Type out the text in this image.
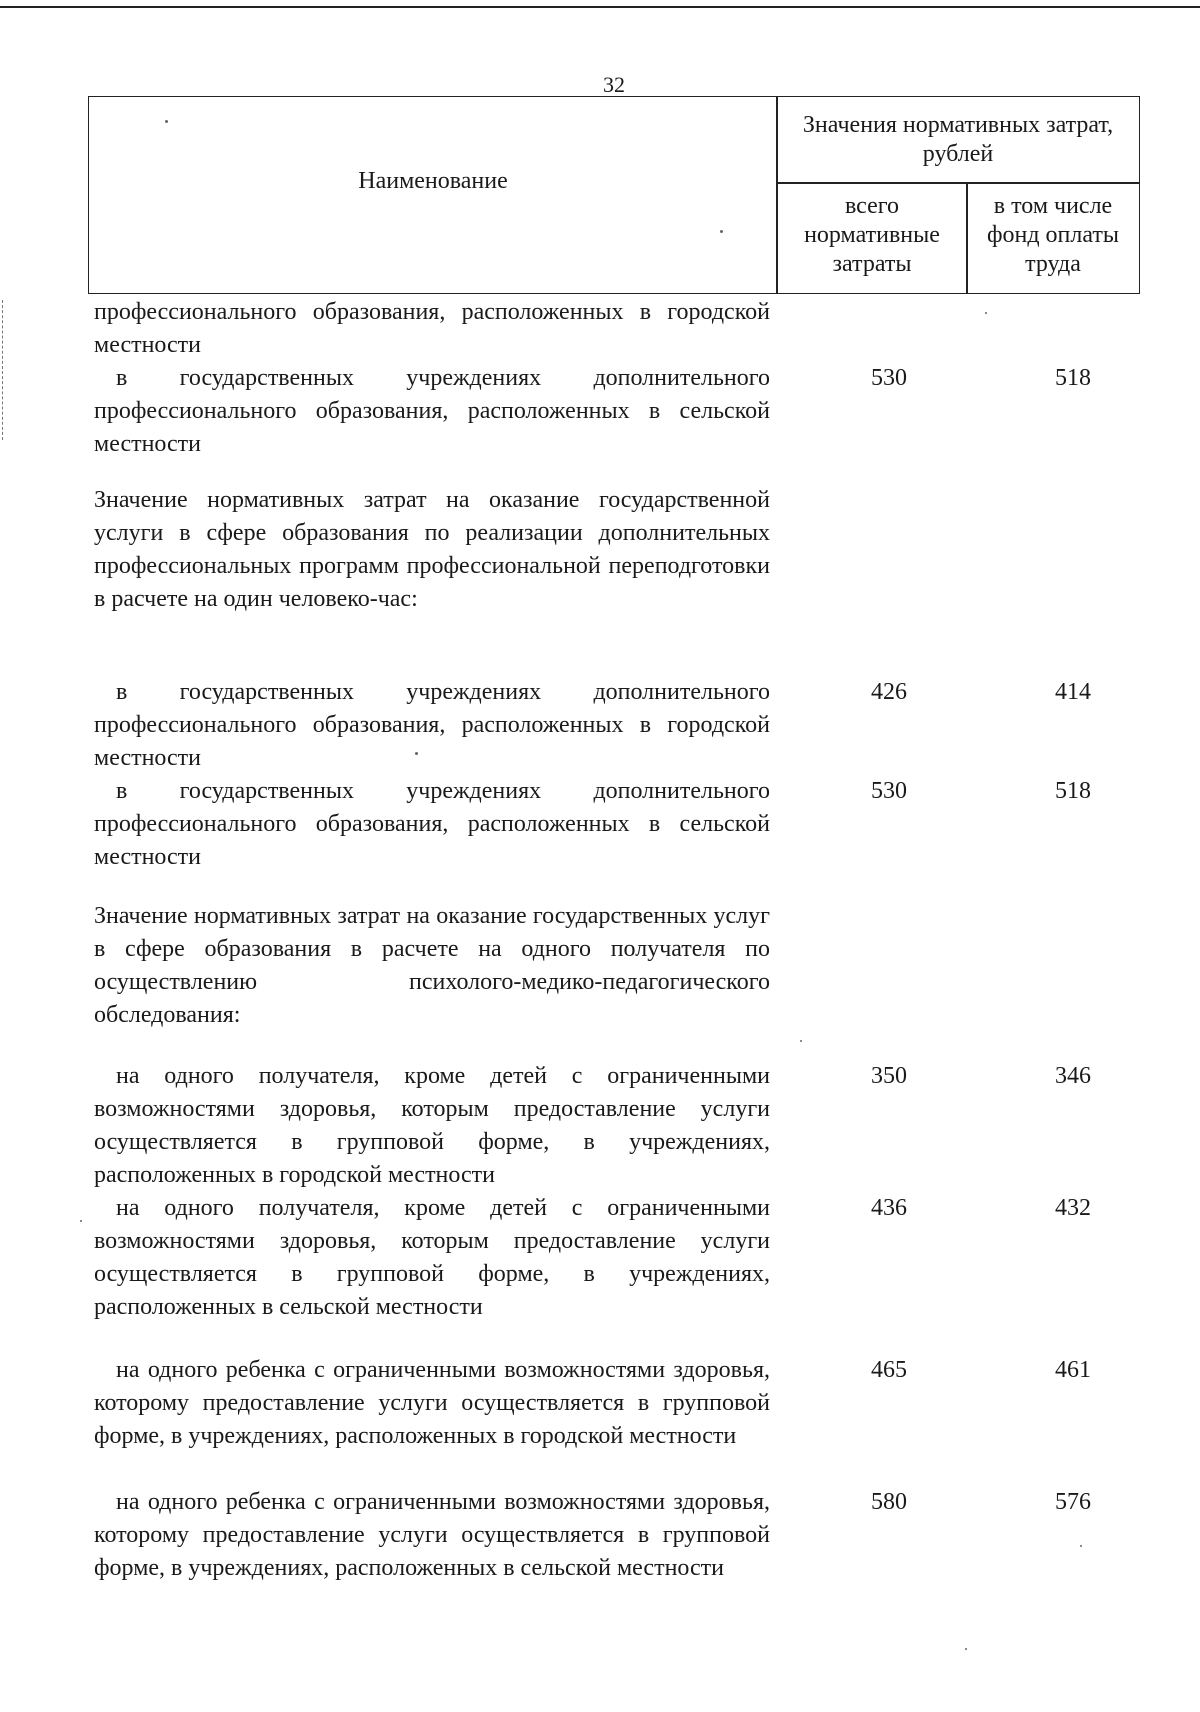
32
Наименование
Значения нормативных затрат, рублей
всего нормативные затраты
в том числе фонд оплаты труда
профессионального образования, расположенных в городской местности
в государственных учреждениях дополнительного профессионального образования, расположенных в сельской местности
530	518
Значение нормативных затрат на оказание государственной услуги в сфере образования по реализации дополнительных профессиональных программ профессиональной переподготовки в расчете на один человеко-час:
в государственных учреждениях дополнительного профессионального образования, расположенных в городской местности
426	414
в государственных учреждениях дополнительного профессионального образования, расположенных в сельской местности
530	518
Значение нормативных затрат на оказание государственных услуг в сфере образования в расчете на одного получателя по осуществлению психолого-медико-педагогического обследования:
на одного получателя, кроме детей с ограниченными возможностями здоровья, которым предоставление услуги осуществляется в групповой форме, в учреждениях, расположенных в городской местности
350	346
на одного получателя, кроме детей с ограниченными возможностями здоровья, которым предоставление услуги осуществляется в групповой форме, в учреждениях, расположенных в сельской местности
436	432
на одного ребенка с ограниченными возможностями здоровья, которому предоставление услуги осуществляется в групповой форме, в учреждениях, расположенных в городской местности
465	461
на одного ребенка с ограниченными возможностями здоровья, которому предоставление услуги осуществляется в групповой форме, в учреждениях, расположенных в сельской местности
580	576
